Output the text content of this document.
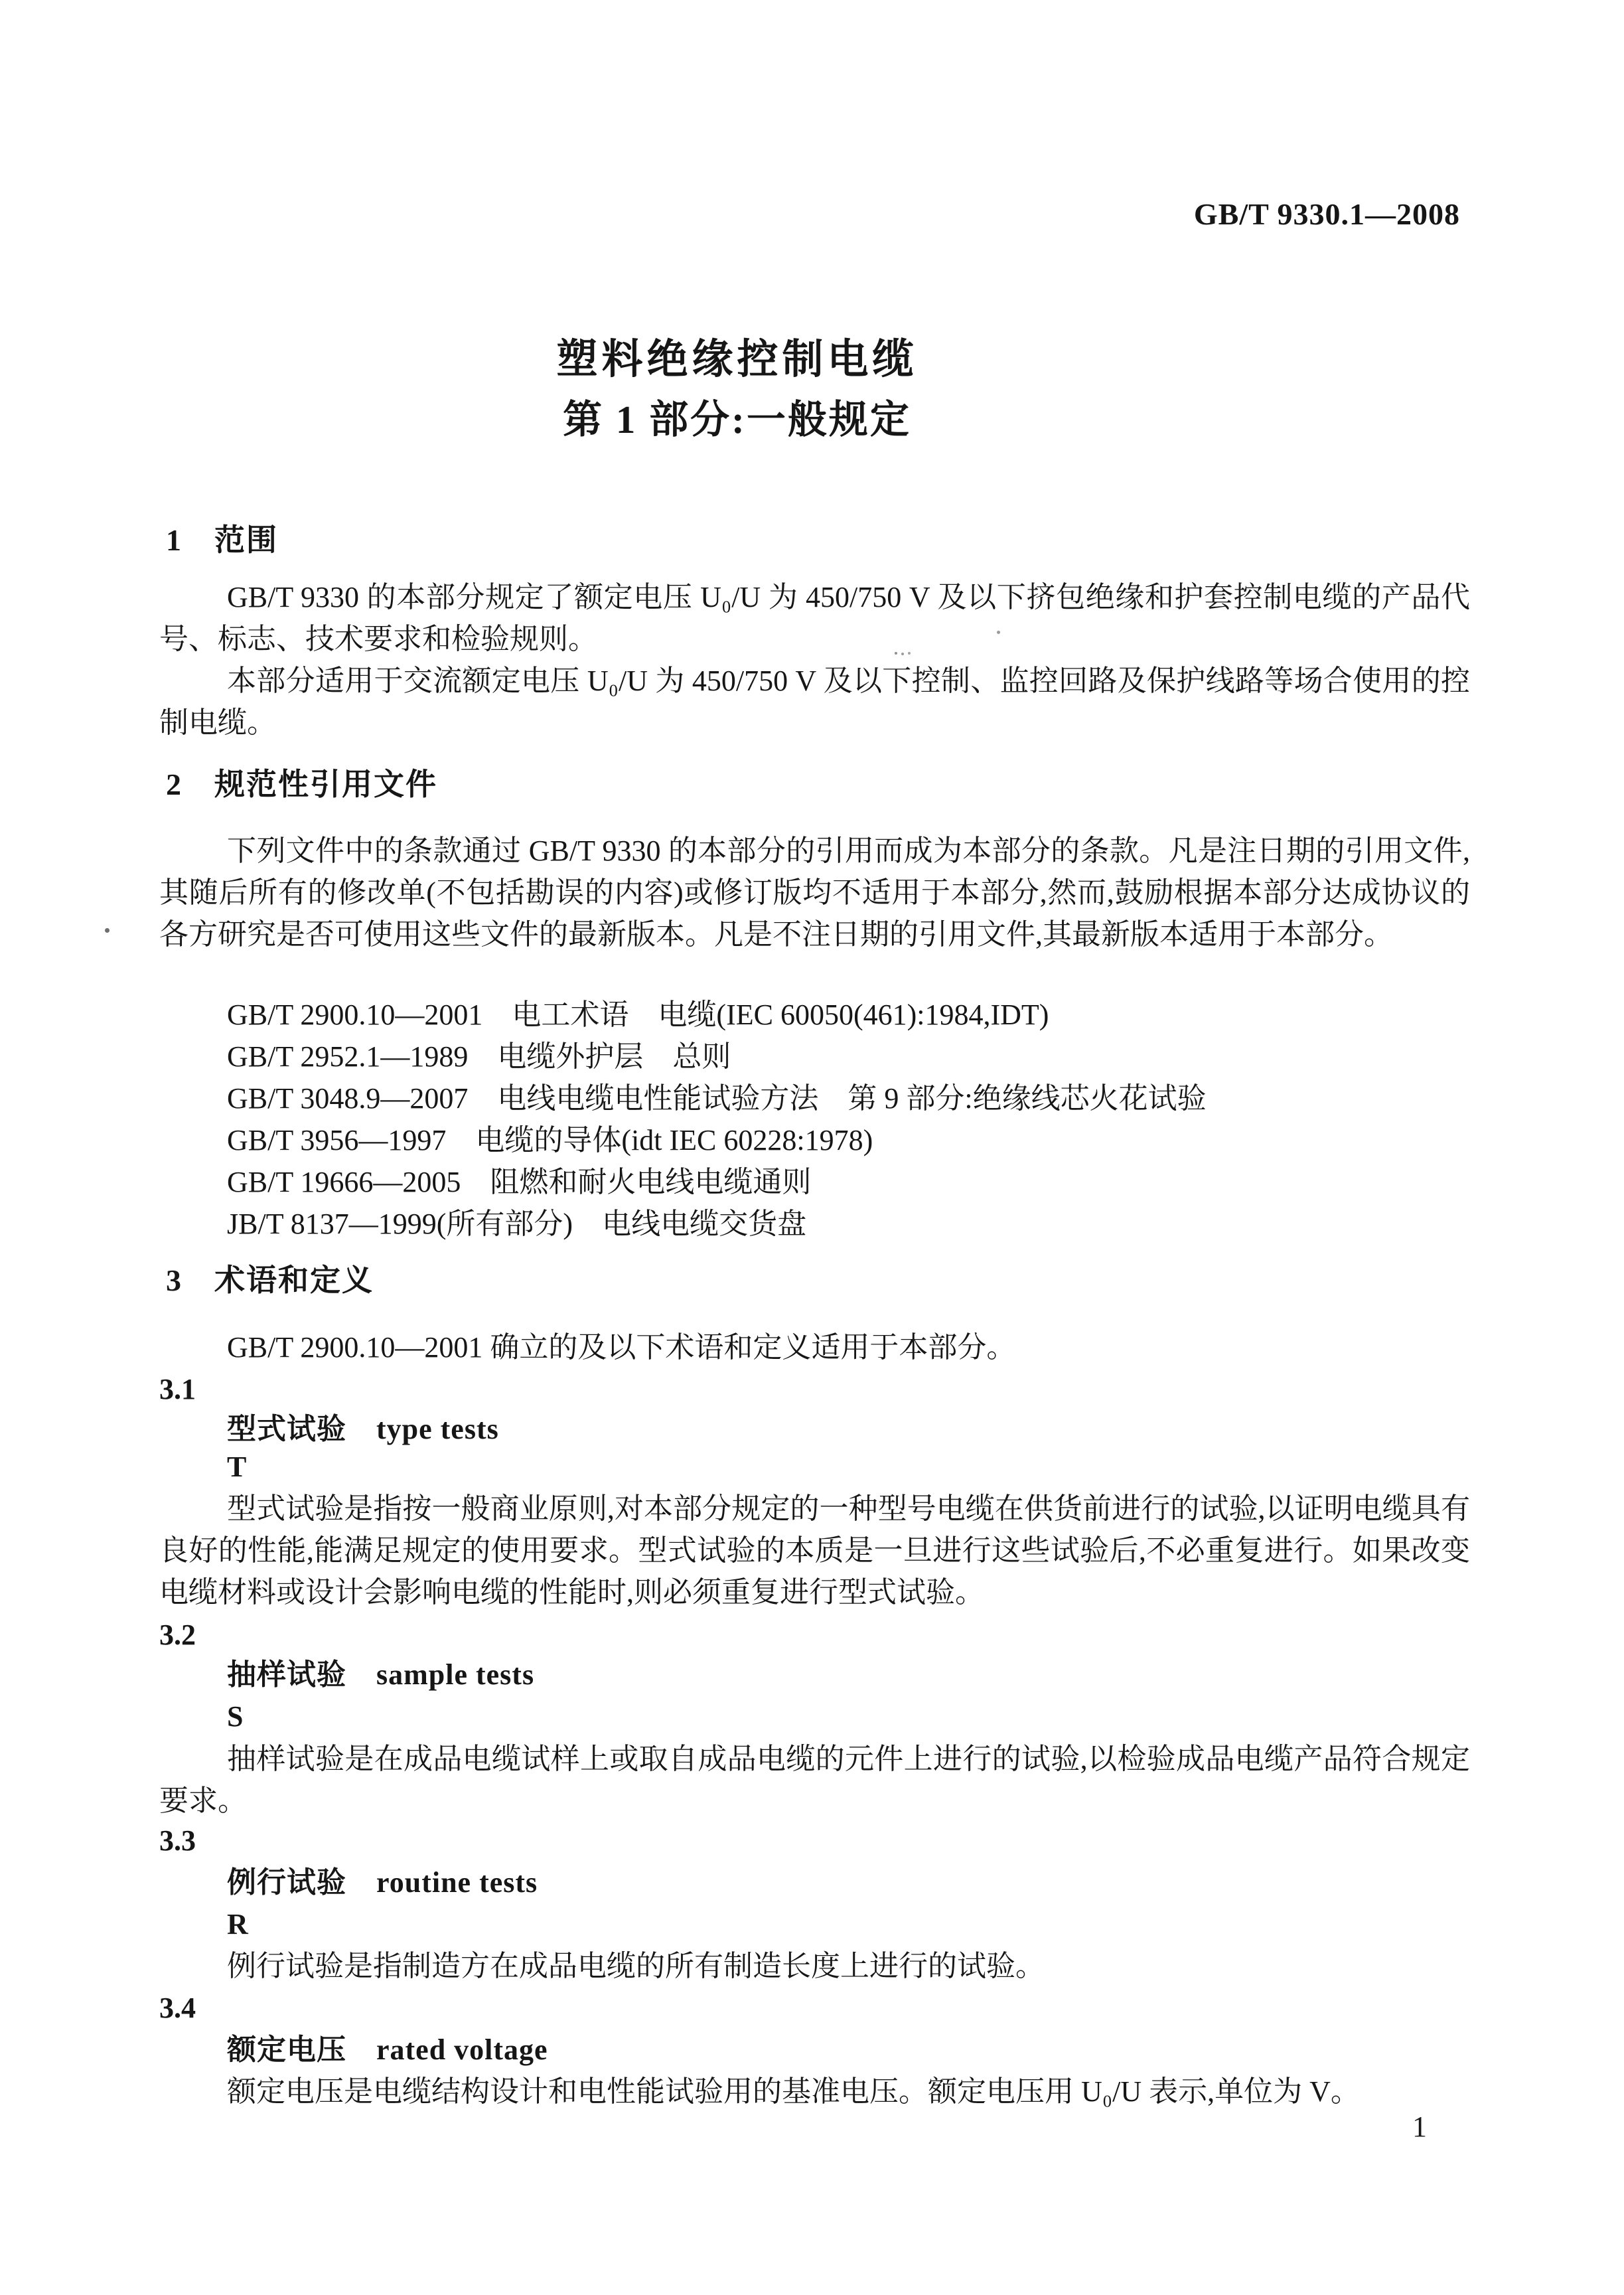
GB/T 9330.1—2008
塑料绝缘控制电缆
第 1 部分:一般规定
1　范围

GB/T 9330 的本部分规定了额定电压 U₀/U 为 450/750 V 及以下挤包绝缘和护套控制电缆的产品代号、标志、技术要求和检验规则。

本部分适用于交流额定电压 U₀/U 为 450/750 V 及以下控制、监控回路及保护线路等场合使用的控制电缆。

2　规范性引用文件

下列文件中的条款通过 GB/T 9330 的本部分的引用而成为本部分的条款。凡是注日期的引用文件,其随后所有的修改单(不包括勘误的内容)或修订版均不适用于本部分,然而,鼓励根据本部分达成协议的各方研究是否可使用这些文件的最新版本。凡是不注日期的引用文件,其最新版本适用于本部分。

GB/T 2900.10—2001　电工术语　电缆(IEC 60050(461):1984,IDT)
GB/T 2952.1—1989　电缆外护层　总则
GB/T 3048.9—2007　电线电缆电性能试验方法　第 9 部分:绝缘线芯火花试验
GB/T 3956—1997　电缆的导体(idt IEC 60228:1978)
GB/T 19666—2005　阻燃和耐火电线电缆通则
JB/T 8137—1999(所有部分)　电线电缆交货盘
3　术语和定义

GB/T 2900.10—2001 确立的及以下术语和定义适用于本部分。

3.1
型式试验　type tests
T

型式试验是指按一般商业原则,对本部分规定的一种型号电缆在供货前进行的试验,以证明电缆具有良好的性能,能满足规定的使用要求。型式试验的本质是一旦进行这些试验后,不必重复进行。如果改变电缆材料或设计会影响电缆的性能时,则必须重复进行型式试验。

3.2
抽样试验　sample tests
S

抽样试验是在成品电缆试样上或取自成品电缆的元件上进行的试验,以检验成品电缆产品符合规定要求。

3.3
例行试验　routine tests
R

例行试验是指制造方在成品电缆的所有制造长度上进行的试验。

3.4
额定电压　rated voltage

额定电压是电缆结构设计和电性能试验用的基准电压。额定电压用 U₀/U 表示,单位为 V。

1
